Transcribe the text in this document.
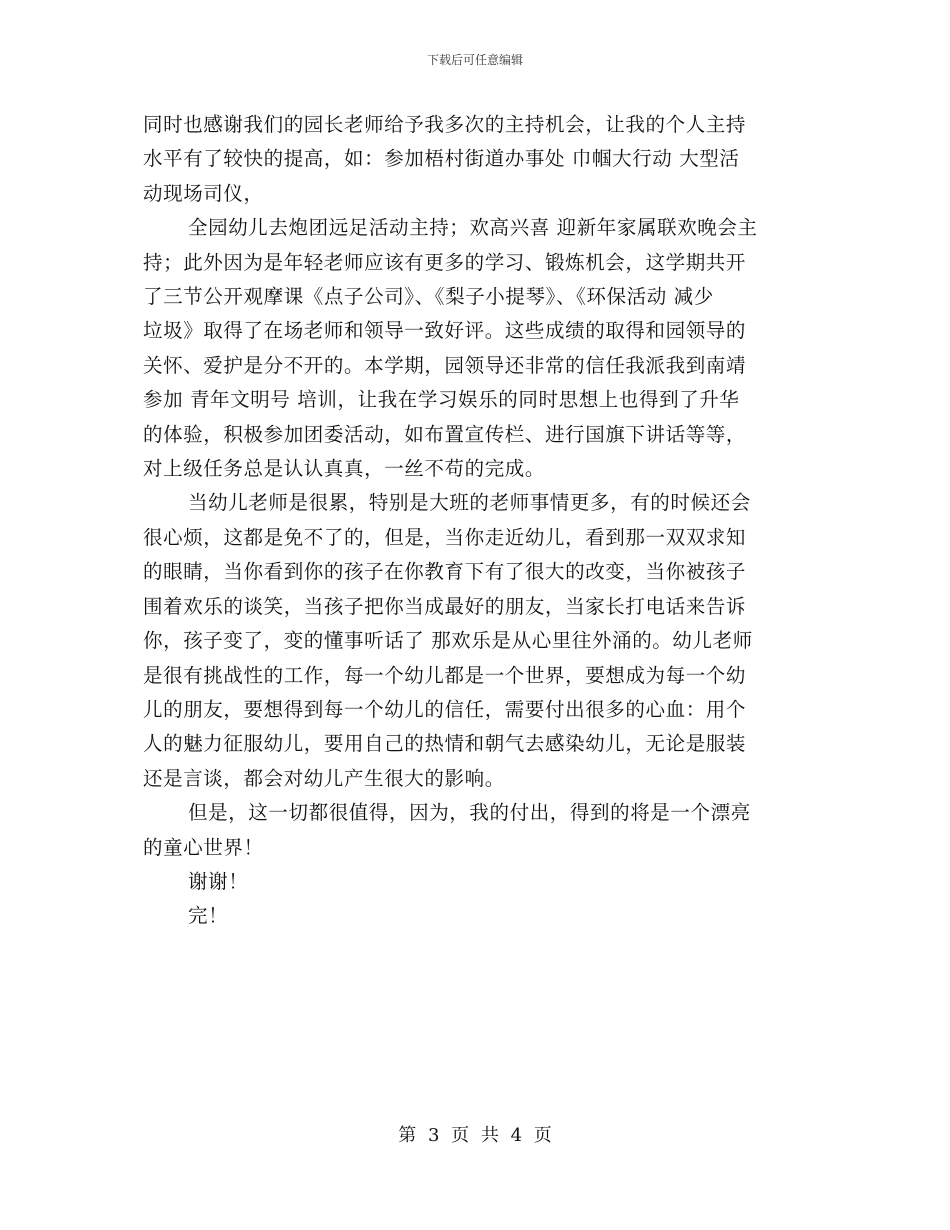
下载后可任意编辑

同时也感谢我们的园长老师给予我多次的主持机会，让我的个人主持

水平有了较快的提高，如：参加梧村街道办事处 巾帼大行动 大型活

动现场司仪，

全园幼儿去炮团远足活动主持；欢高兴喜 迎新年家属联欢晚会主

持；此外因为是年轻老师应该有更多的学习、锻炼机会，这学期共开

了三节公开观摩课《点子公司》、《梨子小提琴》、《环保活动 减少

垃圾》取得了在场老师和领导一致好评。这些成绩的取得和园领导的

关怀、爱护是分不开的。本学期，园领导还非常的信任我派我到南靖

参加 青年文明号 培训，让我在学习娱乐的同时思想上也得到了升华

的体验，积极参加团委活动，如布置宣传栏、进行国旗下讲话等等，

对上级任务总是认认真真，一丝不苟的完成。

当幼儿老师是很累，特别是大班的老师事情更多，有的时候还会

很心烦，这都是免不了的，但是，当你走近幼儿，看到那一双双求知

的眼睛，当你看到你的孩子在你教育下有了很大的改变，当你被孩子

围着欢乐的谈笑，当孩子把你当成最好的朋友，当家长打电话来告诉

你，孩子变了，变的懂事听话了 那欢乐是从心里往外涌的。幼儿老师

是很有挑战性的工作，每一个幼儿都是一个世界，要想成为每一个幼

儿的朋友，要想得到每一个幼儿的信任，需要付出很多的心血：用个

人的魅力征服幼儿，要用自己的热情和朝气去感染幼儿，无论是服装

还是言谈，都会对幼儿产生很大的影响。

但是，这一切都很值得，因为，我的付出，得到的将是一个漂亮

的童心世界！

谢谢！

完！

第 3 页 共 4 页
